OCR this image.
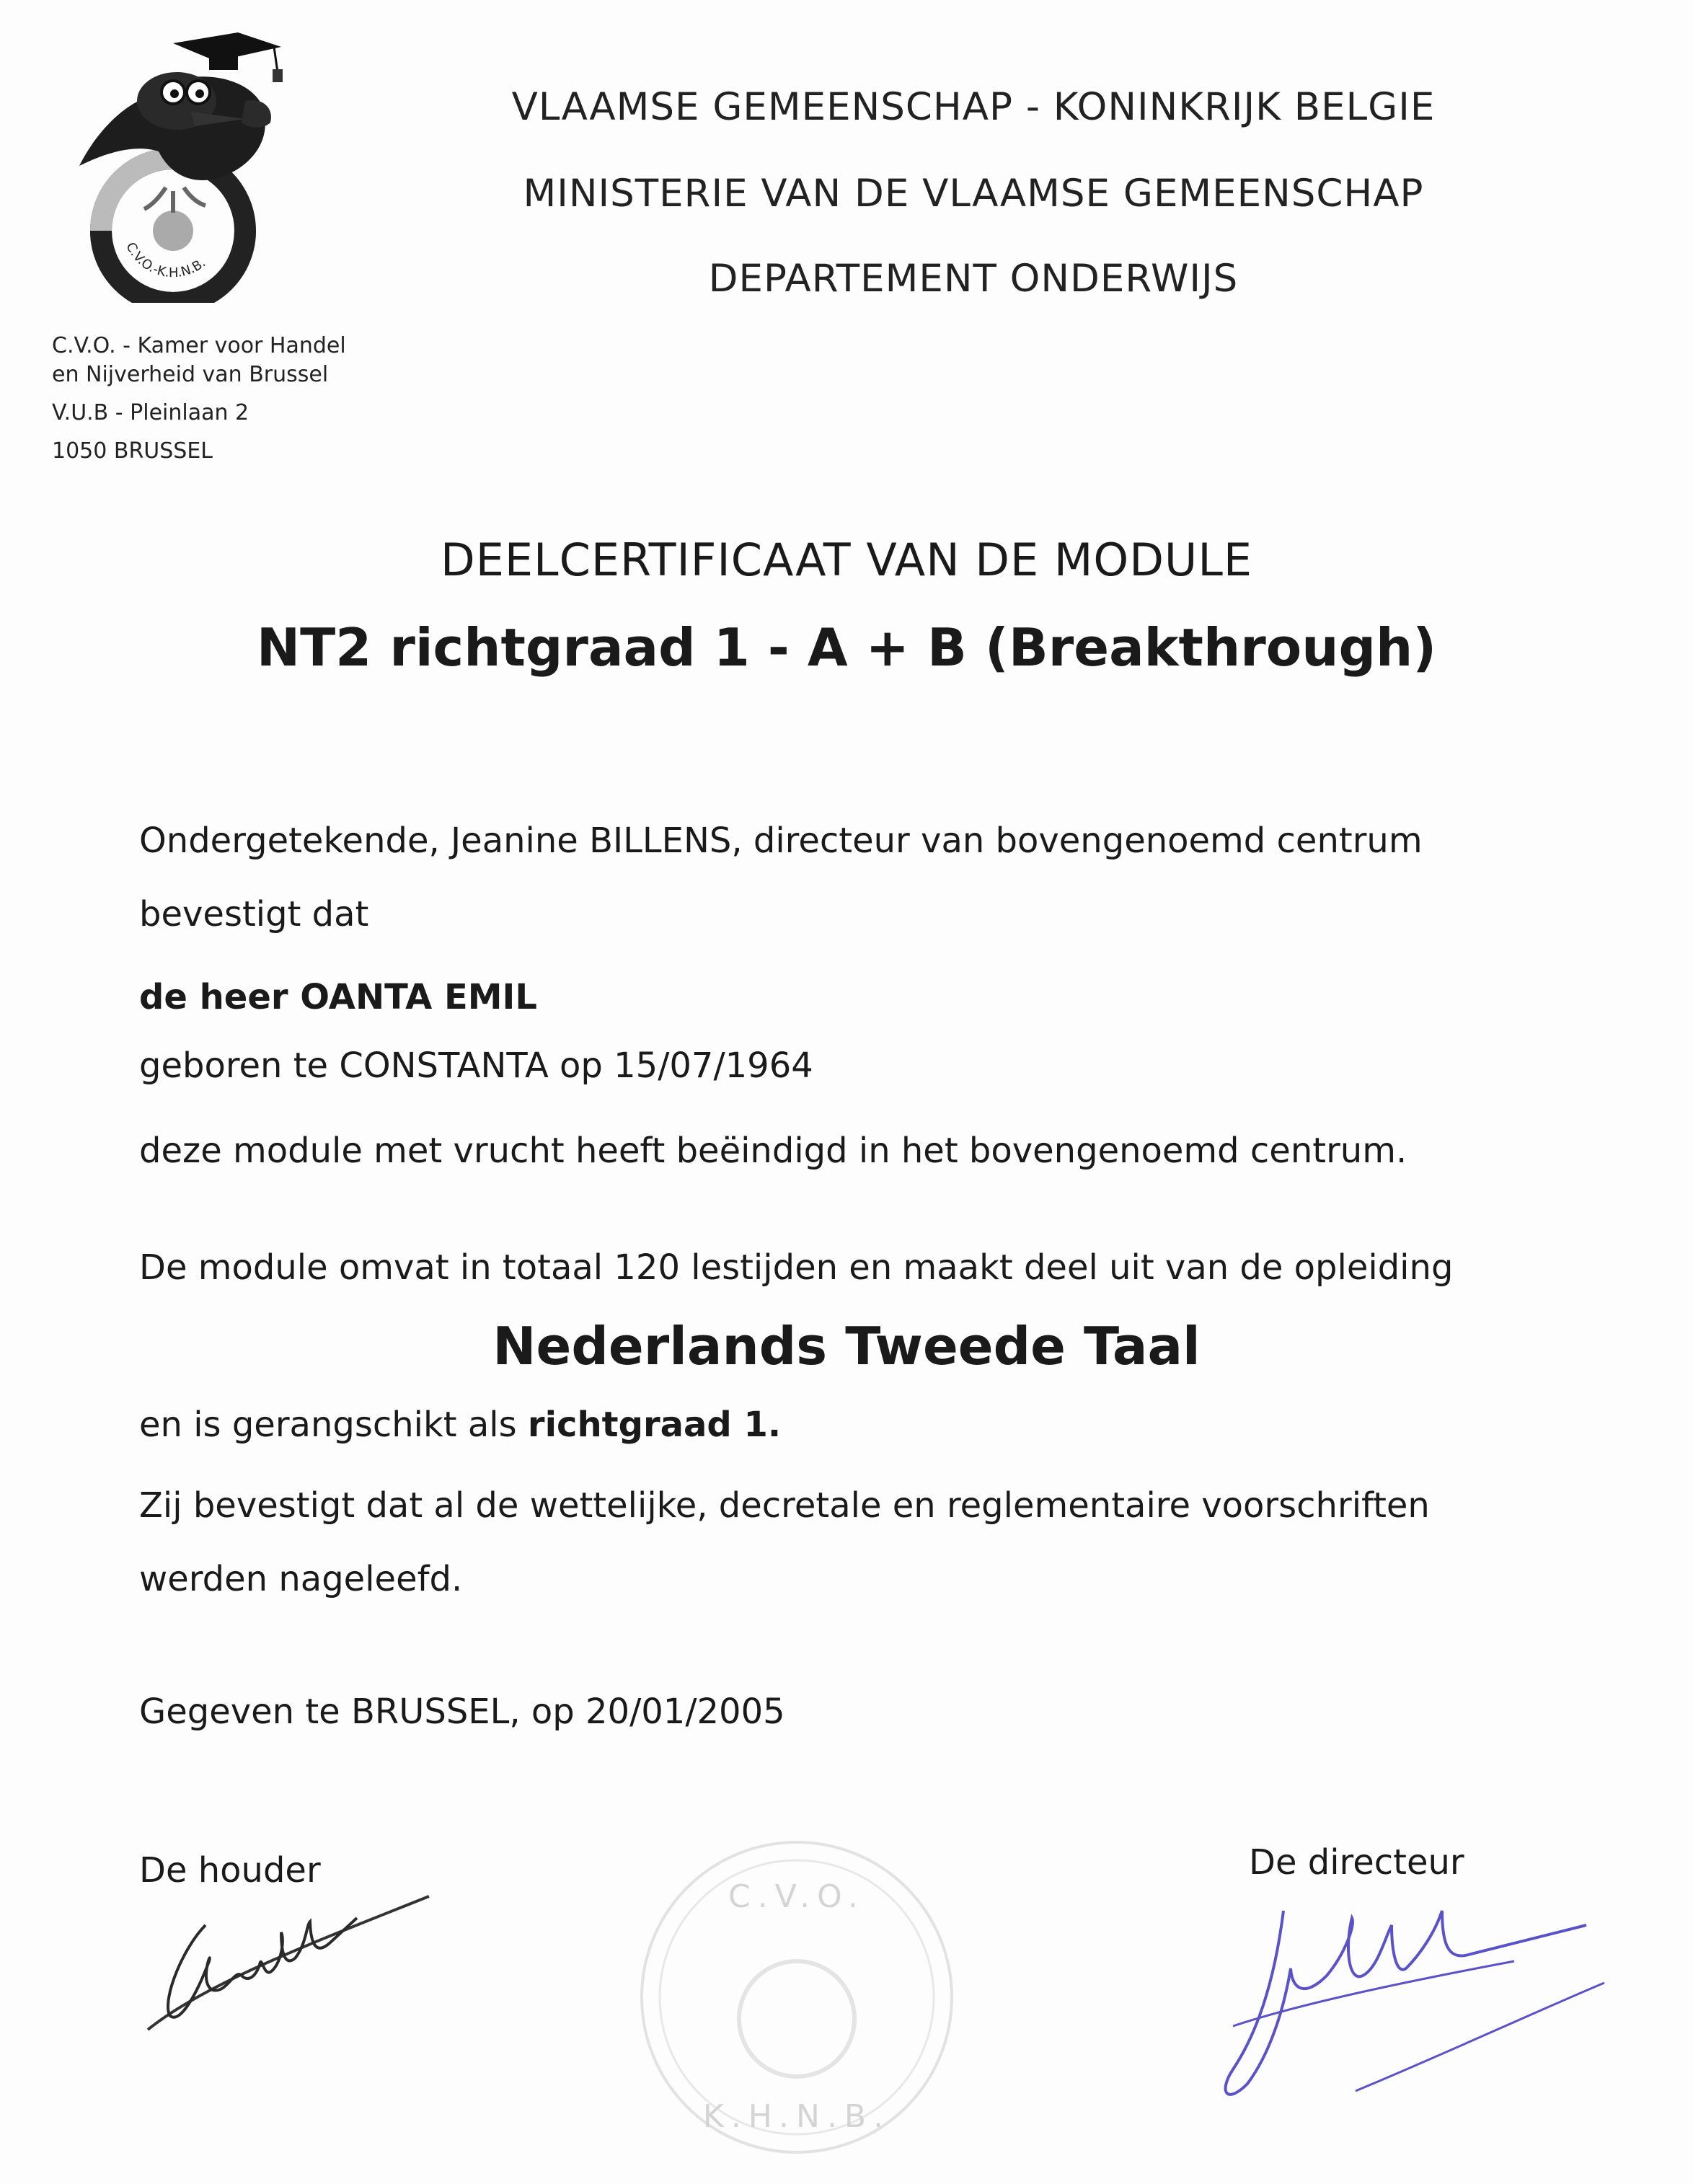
C.V.O.-K.H.N.B.
VLAAMSE GEMEENSCHAP - KONINKRIJK BELGIE
MINISTERIE VAN DE VLAAMSE GEMEENSCHAP
DEPARTEMENT ONDERWIJS
C.V.O. - Kamer voor Handel
en Nijverheid van Brussel
V.U.B - Pleinlaan 2
1050 BRUSSEL
DEELCERTIFICAAT VAN DE MODULE
NT2 richtgraad 1 - A + B (Breakthrough)
Ondergetekende, Jeanine BILLENS, directeur van bovengenoemd centrum
bevestigt dat
de heer OANTA EMIL
geboren te CONSTANTA op 15/07/1964
deze module met vrucht heeft beëindigd in het bovengenoemd centrum.
De module omvat in totaal 120 lestijden en maakt deel uit van de opleiding
Nederlands Tweede Taal
en is gerangschikt als richtgraad 1.
Zij bevestigt dat al de wettelijke, decretale en reglementaire voorschriften
werden nageleefd.
Gegeven te BRUSSEL, op 20/01/2005
De houder	De directeur
C.V.O.
K.H.N.B.
